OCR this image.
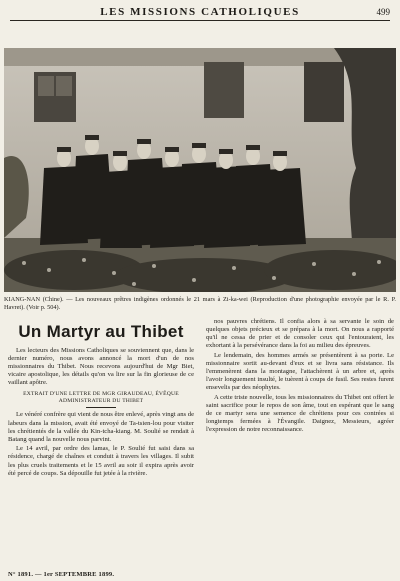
LES MISSIONS CATHOLIQUES	499
KIANG-NAN (Chine). — Les nouveaux prêtres indigènes ordonnés le 21 mars à Zi-ka-wei (Reproduction d'une photographie envoyée par le R. P. Havret). (Voir p. 504).
Un Martyr au Thibet

Les lecteurs des Missions Catholiques se souviennent que, dans le dernier numéro, nous avons annoncé la mort d'un de nos missionnaires du Thibet. Nous recevons aujourd'hui de Mgr Biet, vicaire apostolique, les détails qu'on va lire sur la fin glorieuse de ce vaillant apôtre.

EXTRAIT D'UNE LETTRE DE MGR GIRAUDEAU, ÉVÊQUE
ADMINISTRATEUR DU THIBET

Le vénéré confrère qui vient de nous être enlevé, après vingt ans de labeurs dans la mission, avait été envoyé de Ta-tsien-lou pour visiter les chrétientés de la vallée du Kin-tcha-kiang. M. Soulié se rendait à Batang quand la nouvelle nous parvint.

Le 14 avril, par ordre des lamas, le P. Soulié fut saisi dans sa résidence, chargé de chaînes et conduit à travers les villages. Il subit les plus cruels traitements et le 15 avril au soir il expira après avoir été percé de coups. Sa dépouille fut jetée à la rivière.

nos pauvres chrétiens. Il confia alors à sa servante le soin de quelques objets précieux et se prépara à la mort. On nous a rapporté qu'il ne cessa de prier et de consoler ceux qui l'entouraient, les exhortant à la persévérance dans la foi au milieu des épreuves.

Le lendemain, des hommes armés se présentèrent à sa porte. Le missionnaire sortit au-devant d'eux et se livra sans résistance. Ils l'emmenèrent dans la montagne, l'attachèrent à un arbre et, après l'avoir longuement insulté, le tuèrent à coups de fusil. Ses restes furent ensevelis par des néophytes.

A cette triste nouvelle, tous les missionnaires du Thibet ont offert le saint sacrifice pour le repos de son âme, tout en espérant que le sang de ce martyr sera une semence de chrétiens pour ces contrées si longtemps fermées à l'Évangile. Daignez, Messieurs, agréer l'expression de notre reconnaissance.

N° 1891. — 1er SEPTEMBRE 1899.
